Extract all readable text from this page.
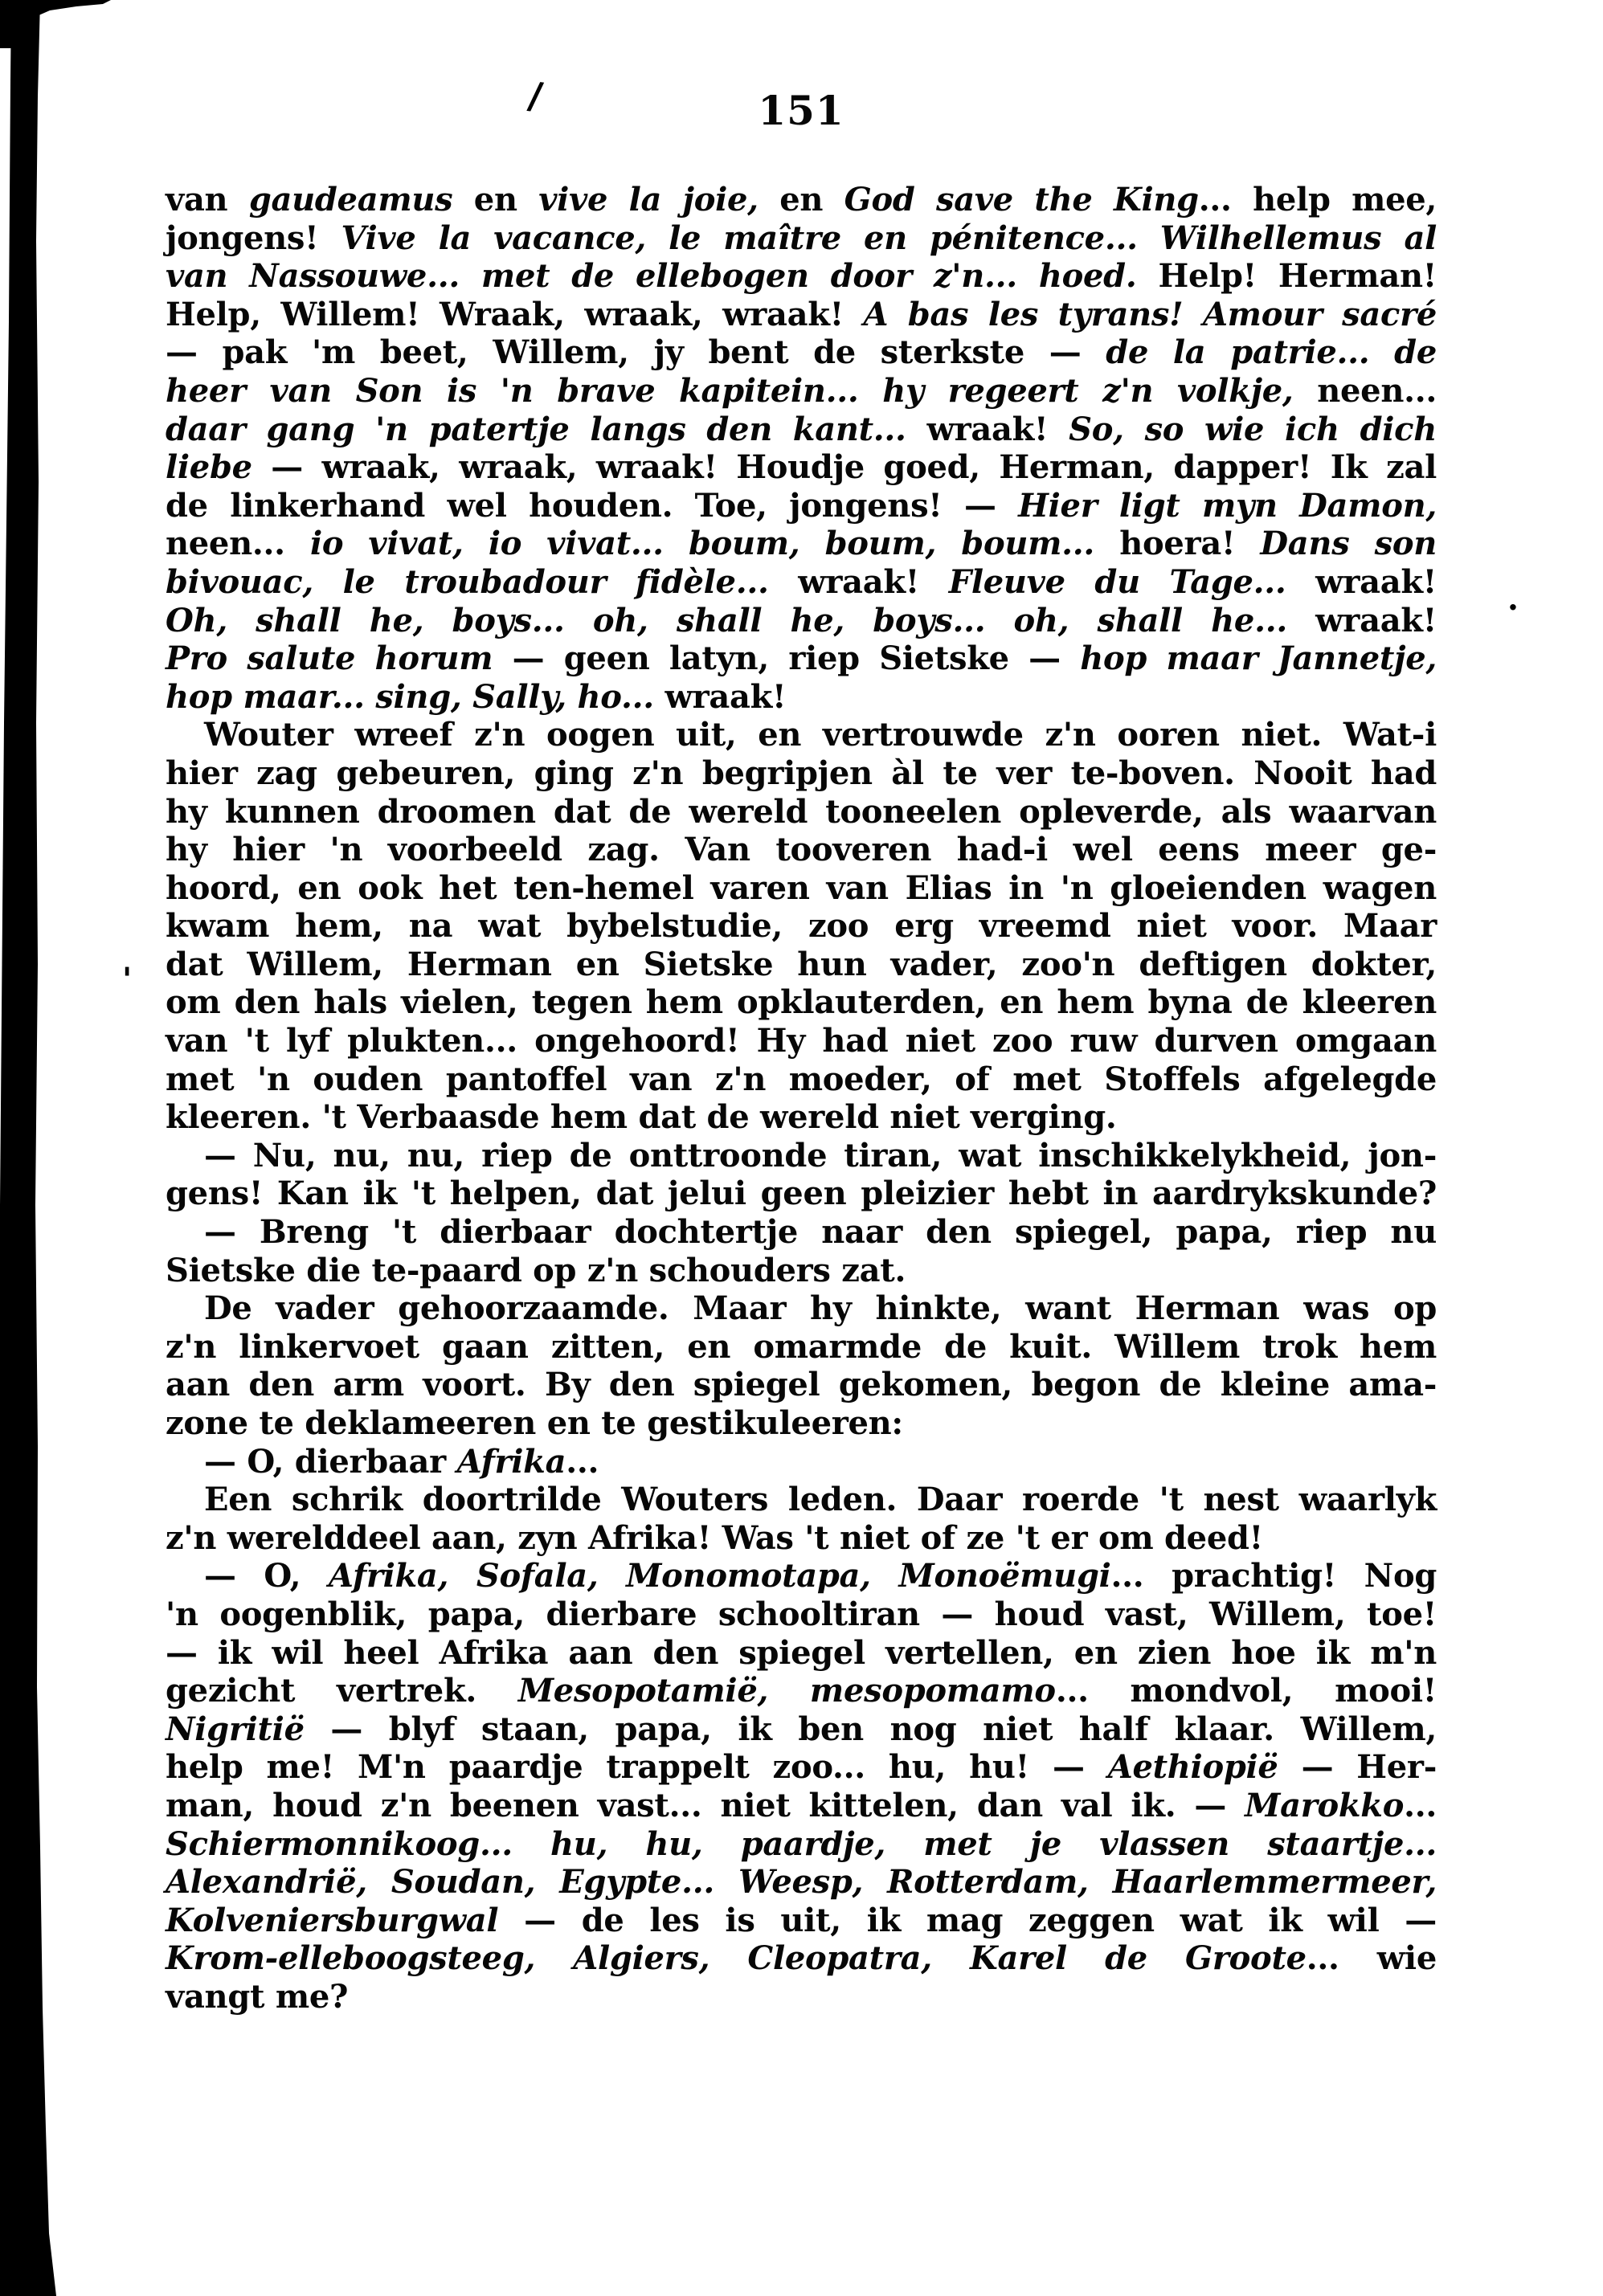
151
/
'
.
van gaudeamus en vive la joie, en God save the King... help mee,
jongens! Vive la vacance, le maître en pénitence... Wilhellemus al
van Nassouwe... met de ellebogen door z'n... hoed. Help! Herman!
Help, Willem! Wraak, wraak, wraak! A bas les tyrans! Amour sacré
— pak 'm beet, Willem, jy bent de sterkste — de la patrie... de
heer van Son is 'n brave kapitein... hy regeert z'n volkje, neen...
daar gang 'n patertje langs den kant... wraak! So, so wie ich dich
liebe — wraak, wraak, wraak! Houdje goed, Herman, dapper! Ik zal
de linkerhand wel houden. Toe, jongens! — Hier ligt myn Damon,
neen... io vivat, io vivat... boum, boum, boum... hoera! Dans son
bivouac, le troubadour fidèle... wraak! Fleuve du Tage... wraak!
Oh, shall he, boys... oh, shall he, boys... oh, shall he... wraak!
Pro salute horum — geen latyn, riep Sietske — hop maar Jannetje,
hop maar... sing, Sally, ho... wraak!
Wouter wreef z'n oogen uit, en vertrouwde z'n ooren niet. Wat-i
hier zag gebeuren, ging z'n begripjen àl te ver te-boven. Nooit had
hy kunnen droomen dat de wereld tooneelen opleverde, als waarvan
hy hier 'n voorbeeld zag. Van tooveren had-i wel eens meer ge-
hoord, en ook het ten-hemel varen van Elias in 'n gloeienden wagen
kwam hem, na wat bybelstudie, zoo erg vreemd niet voor. Maar
dat Willem, Herman en Sietske hun vader, zoo'n deftigen dokter,
om den hals vielen, tegen hem opklauterden, en hem byna de kleeren
van 't lyf plukten... ongehoord! Hy had niet zoo ruw durven omgaan
met 'n ouden pantoffel van z'n moeder, of met Stoffels afgelegde
kleeren. 't Verbaasde hem dat de wereld niet verging.
— Nu, nu, nu, riep de onttroonde tiran, wat inschikkelykheid, jon-
gens! Kan ik 't helpen, dat jelui geen pleizier hebt in aardrykskunde?
— Breng 't dierbaar dochtertje naar den spiegel, papa, riep nu
Sietske die te-paard op z'n schouders zat.
De vader gehoorzaamde. Maar hy hinkte, want Herman was op
z'n linkervoet gaan zitten, en omarmde de kuit. Willem trok hem
aan den arm voort. By den spiegel gekomen, begon de kleine ama-
zone te deklameeren en te gestikuleeren:
— O, dierbaar Afrika...
Een schrik doortrilde Wouters leden. Daar roerde 't nest waarlyk
z'n werelddeel aan, zyn Afrika! Was 't niet of ze 't er om deed!
— O, Afrika, Sofala, Monomotapa, Monoëmugi... prachtig! Nog
'n oogenblik, papa, dierbare schooltiran — houd vast, Willem, toe!
— ik wil heel Afrika aan den spiegel vertellen, en zien hoe ik m'n
gezicht vertrek. Mesopotamië, mesopomamo... mondvol, mooi!
Nigritië — blyf staan, papa, ik ben nog niet half klaar. Willem,
help me! M'n paardje trappelt zoo... hu, hu! — Aethiopië — Her-
man, houd z'n beenen vast... niet kittelen, dan val ik. — Marokko...
Schiermonnikoog... hu, hu, paardje, met je vlassen staartje...
Alexandrië, Soudan, Egypte... Weesp, Rotterdam, Haarlemmermeer,
Kolveniersburgwal — de les is uit, ik mag zeggen wat ik wil —
Krom-elleboogsteeg, Algiers, Cleopatra, Karel de Groote... wie
vangt me?
